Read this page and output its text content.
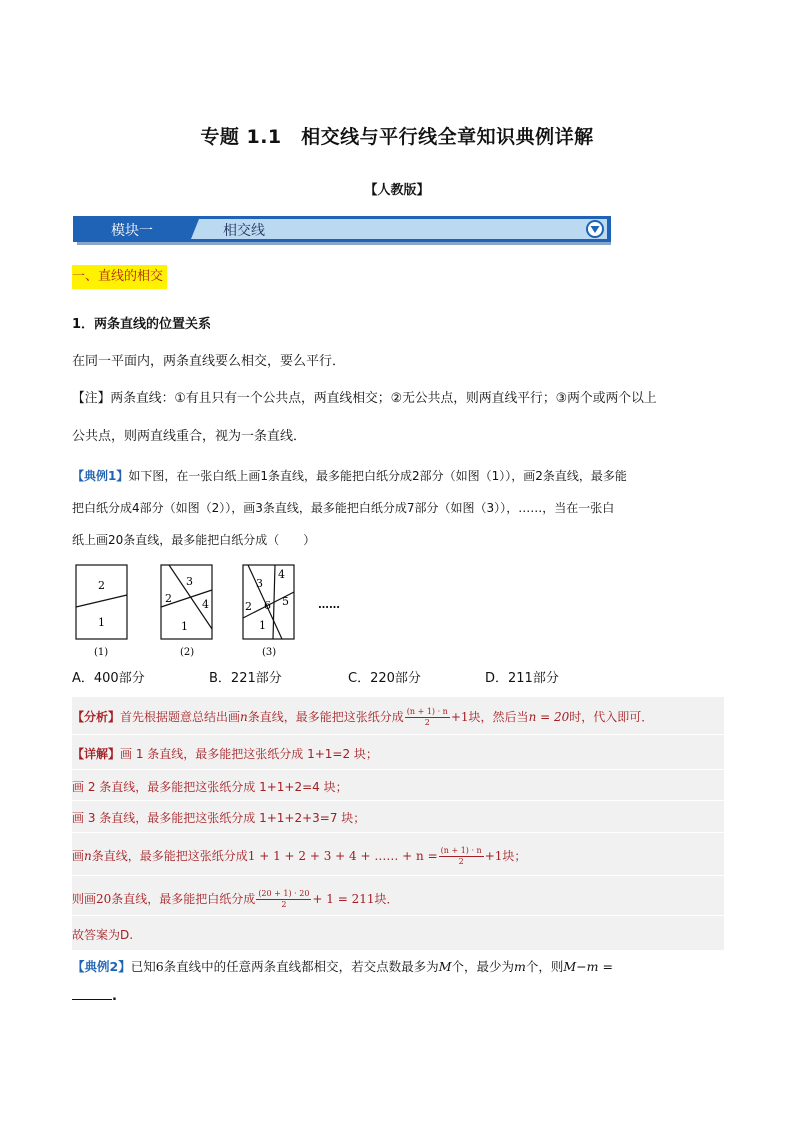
专题 1.1　相交线与平行线全章知识典例详解
【人教版】
模块一	相交线
一、直线的相交
1．两条直线的位置关系
在同一平面内，两条直线要么相交，要么平行．
【注】两条直线：①有且只有一个公共点，两直线相交；②无公共点，则两直线平行；③两个或两个以上
公共点，则两直线重合，视为一条直线．
【典例1】如下图，在一张白纸上画1条直线，最多能把白纸分成2部分（如图（1）），画2条直线，最多能
把白纸分成4部分（如图（2）），画3条直线，最多能把白纸分成7部分（如图（3）），……，当在一张白
纸上画20条直线，最多能把白纸分成（　　）
2
1
(1)
3
2	4
1
(2)
3
4
2 6 5
1
(3)
……
A．400部分	B．221部分	C．220部分	D．211部分
【分析】首先根据题意总结出画n条直线，最多能把这张纸分成 $\frac{(n + 1) \cdot n}{2} +1$块，然后当n = 20时，代入即可．
【详解】画 1 条直线，最多能把这张纸分成 1+1=2 块；
画 2 条直线，最多能把这张纸分成 1+1+2=4 块；
画 3 条直线，最多能把这张纸分成 1+1+2+3=7 块；
画n条直线，最多能把这张纸分成1 + 1 + 2 + 3 + 4 + …… + $n = \frac{(n + 1) \cdot n}{2} +1$块；
则画20条直线，最多能把白纸分成 $\frac{(20 + 1) \cdot 20}{2} + 1 = 211$块．
故答案为D.
【典例2】已知6条直线中的任意两条直线都相交，若交点数最多为M个，最少为m个，则M−m =
.
